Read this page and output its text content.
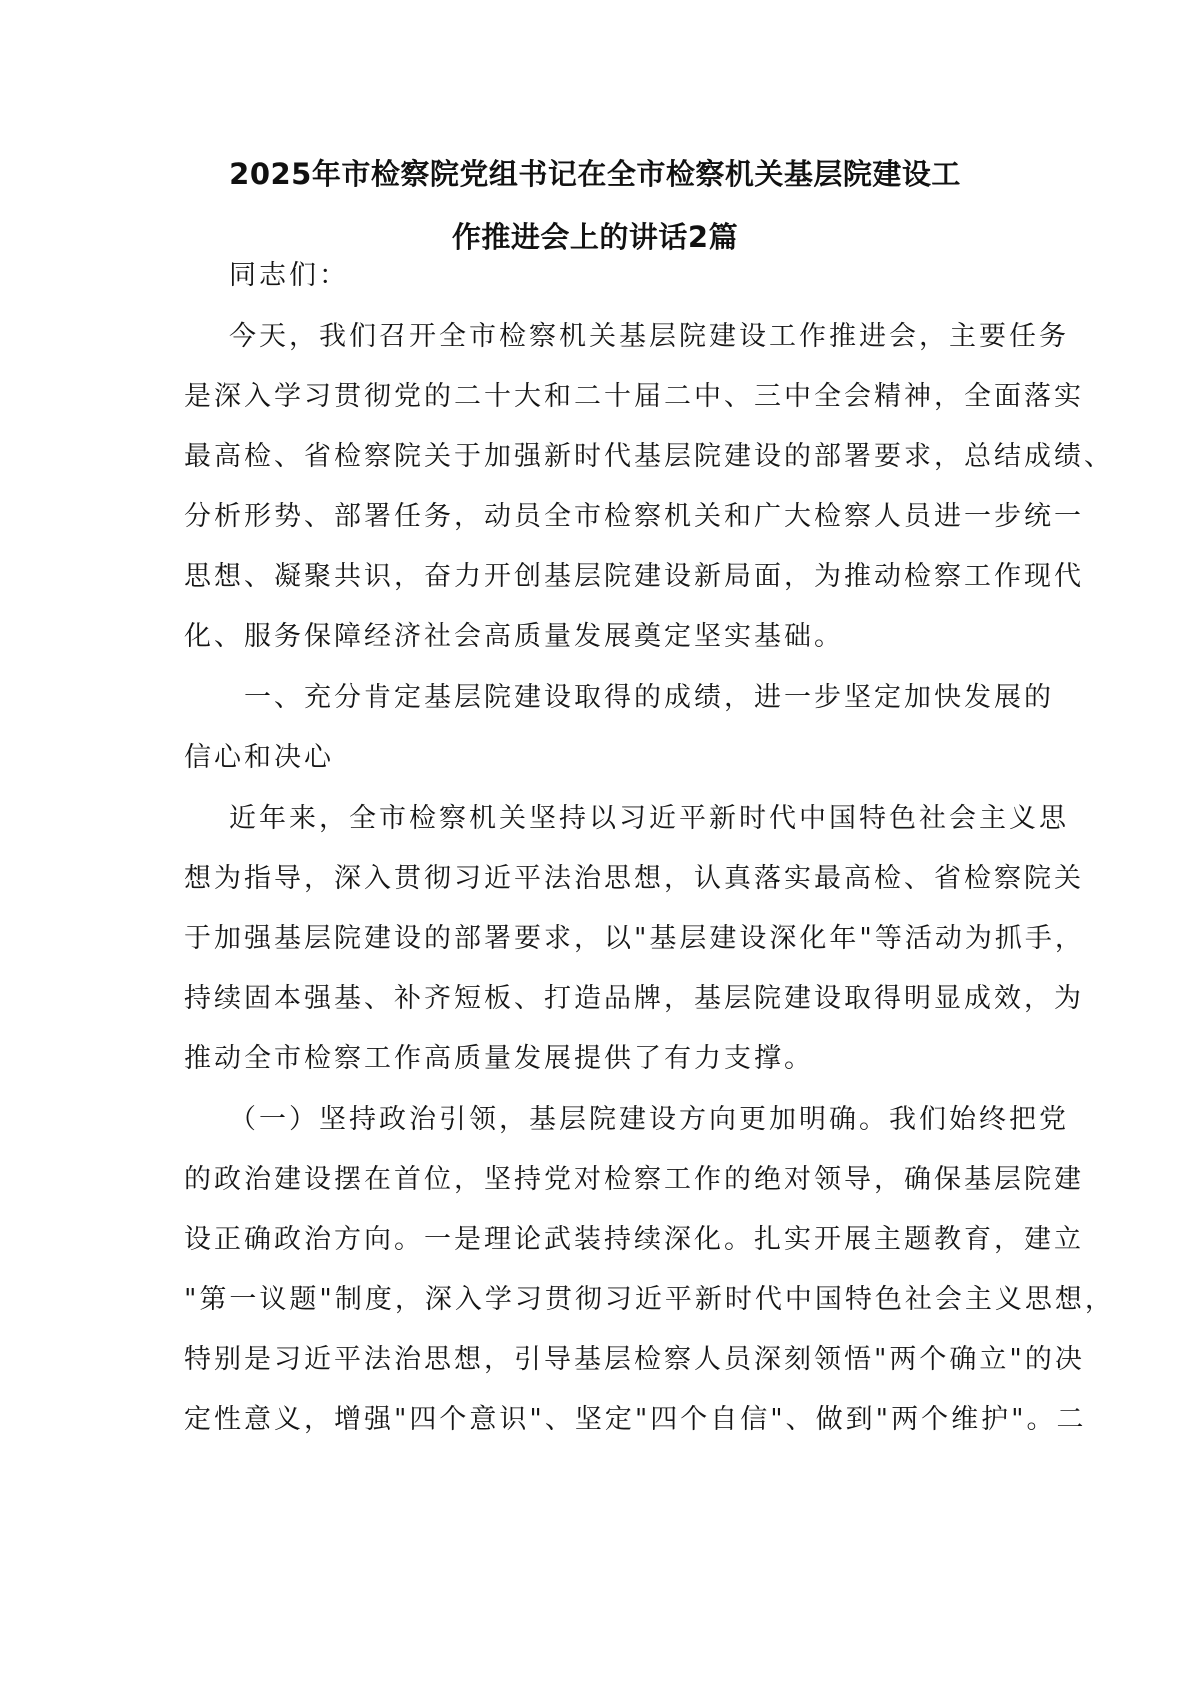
2025年市检察院党组书记在全市检察机关基层院建设工
作推进会上的讲话2篇

同志们：

今天，我们召开全市检察机关基层院建设工作推进会，主要任务

是深入学习贯彻党的二十大和二十届二中、三中全会精神，全面落实

最高检、省检察院关于加强新时代基层院建设的部署要求，总结成绩、

分析形势、部署任务，动员全市检察机关和广大检察人员进一步统一

思想、凝聚共识，奋力开创基层院建设新局面，为推动检察工作现代

化、服务保障经济社会高质量发展奠定坚实基础。

一、充分肯定基层院建设取得的成绩，进一步坚定加快发展的

信心和决心

近年来，全市检察机关坚持以习近平新时代中国特色社会主义思

想为指导，深入贯彻习近平法治思想，认真落实最高检、省检察院关

于加强基层院建设的部署要求，以"基层建设深化年"等活动为抓手，

持续固本强基、补齐短板、打造品牌，基层院建设取得明显成效，为

推动全市检察工作高质量发展提供了有力支撑。

（一）坚持政治引领，基层院建设方向更加明确。我们始终把党

的政治建设摆在首位，坚持党对检察工作的绝对领导，确保基层院建

设正确政治方向。一是理论武装持续深化。扎实开展主题教育，建立

"第一议题"制度，深入学习贯彻习近平新时代中国特色社会主义思想，

特别是习近平法治思想，引导基层检察人员深刻领悟"两个确立"的决

定性意义，增强"四个意识"、坚定"四个自信"、做到"两个维护"。二
